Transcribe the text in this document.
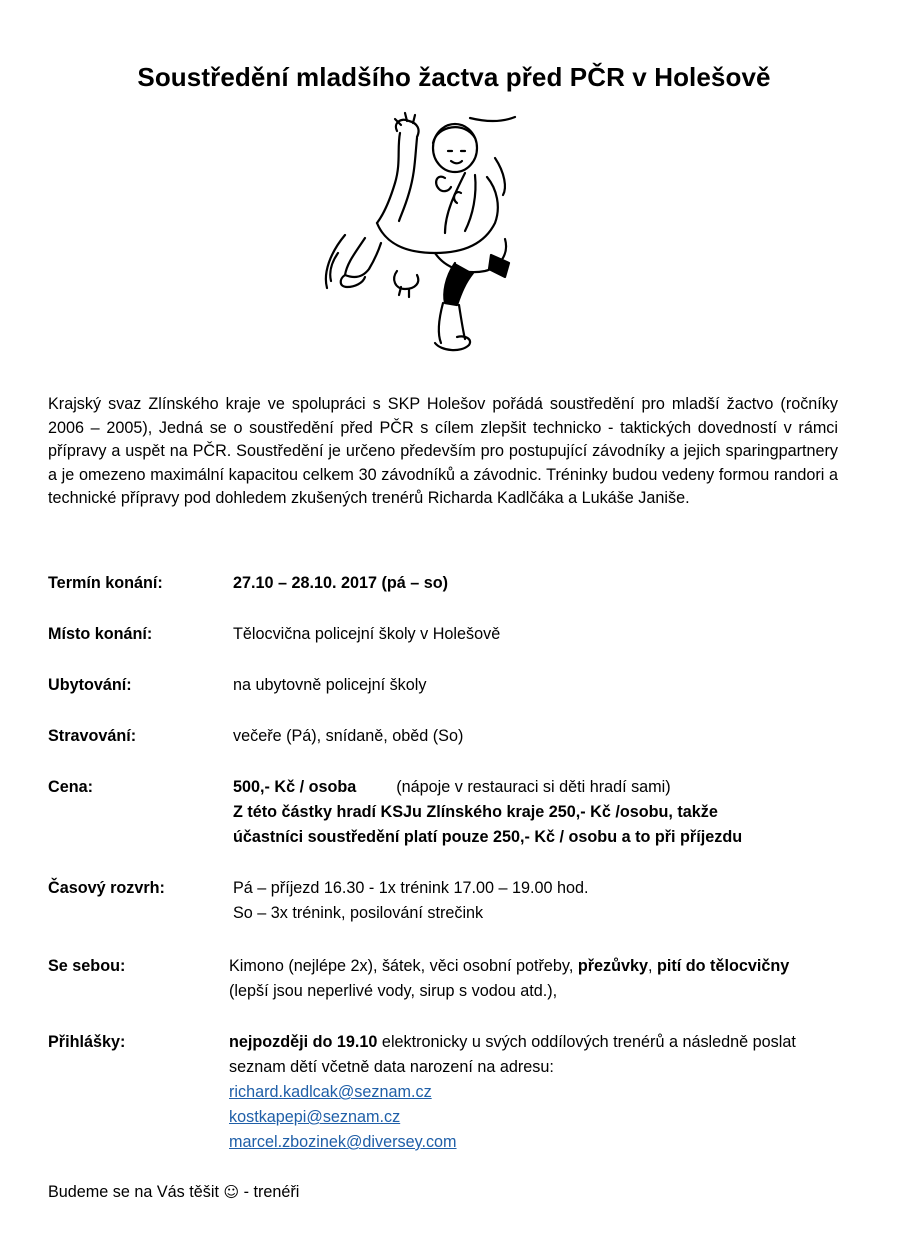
Soustředění mladšího žactva před PČR v Holešově

Krajský svaz Zlínského kraje ve spolupráci s SKP Holešov pořádá soustředění pro mladší žactvo (ročníky 2006 – 2005), Jedná se o soustředění před PČR s cílem zlepšit technicko - taktických dovedností v rámci přípravy a uspět na PČR. Soustředění je určeno především pro postupující závodníky a jejich sparingpartnery a je omezeno maximální kapacitou celkem 30 závodníků a závodnic. Tréninky budou vedeny formou randori a technické přípravy pod dohledem zkušených trenérů Richarda Kadlčáka a Lukáše Janiše.

Termín konání:	27.10 – 28.10. 2017 (pá – so)
Místo konání:	Tělocvična policejní školy v Holešově
Ubytování:	na ubytovně policejní školy
Stravování:	večeře (Pá), snídaně, oběd (So)
Cena:	500,- Kč / osoba (nápoje v restauraci si děti hradí sami)
Z této částky hradí KSJu Zlínského kraje 250,- Kč /osobu, takže
účastníci soustředění platí pouze 250,- Kč / osobu a to při příjezdu
Časový rozvrh:	Pá – příjezd 16.30 - 1x trénink 17.00 – 19.00 hod.
So – 3x trénink, posilování strečink
Se sebou:	Kimono (nejlépe 2x), šátek, věci osobní potřeby, přezůvky, pití do tělocvičny (lepší jsou neperlivé vody, sirup s vodou atd.),
Přihlášky:	nejpozději do 19.10 elektronicky u svých oddílových trenérů a následně poslat seznam dětí včetně data narození na adresu:
richard.kadlcak@seznam.cz
kostkapepi@seznam.cz
marcel.zbozinek@diversey.com
Budeme se na Vás těšit ☺ - trenéři
